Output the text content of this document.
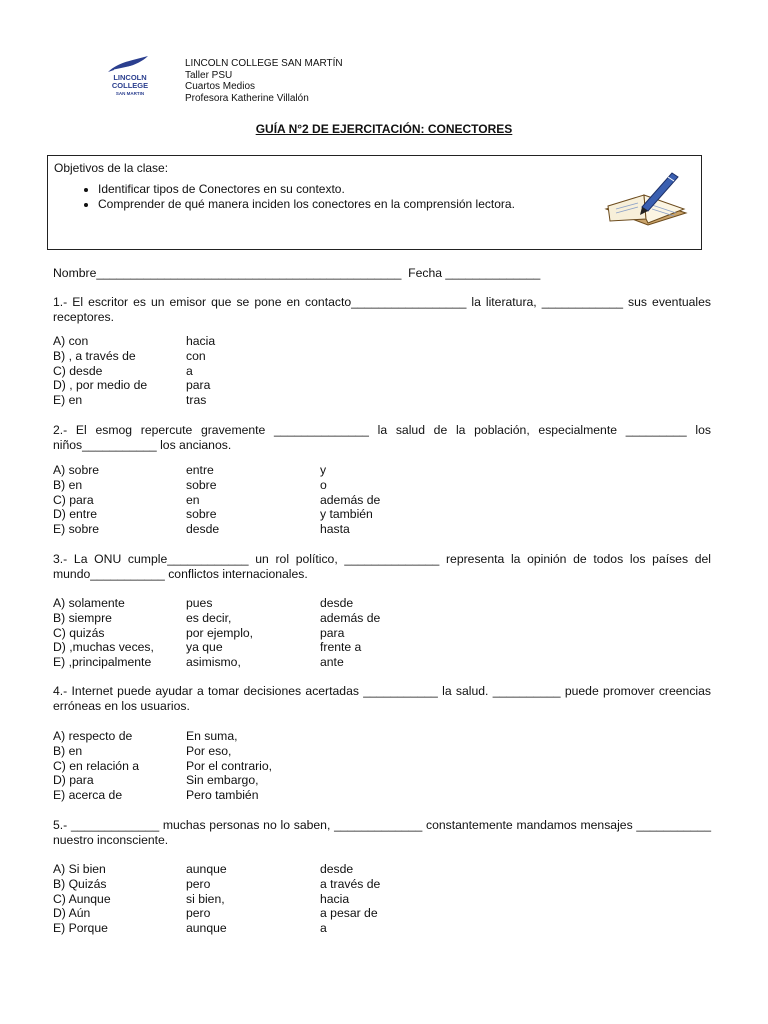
LINCOLN
COLLEGE
SAN MARTIN
LINCOLN COLLEGE SAN MARTÍN
Taller PSU
Cuartos Medios
Profesora Katherine Villalón
GUÍA N°2 DE EJERCITACIÓN: CONECTORES
Objetivos de la clase:
• Identificar tipos de Conectores en su contexto.
• Comprender de qué manera inciden los conectores en la comprensión lectora.
Nombre_____________________________________________  Fecha ______________
1.- El escritor es un emisor que se pone en contacto_________________ la literatura, ____________ sus eventuales receptores.
A) con	hacia
B) , a través de	con
C) desde	a
D) , por medio de	para
E) en	tras
2.- El esmog repercute gravemente ______________ la salud de la población, especialmente _________ los niños___________ los ancianos.
A) sobre	entre	y
B) en	sobre	o
C) para	en	además de
D) entre	sobre	y también
E) sobre	desde	hasta
3.- La ONU cumple____________ un rol político, ______________ representa la opinión de todos los países del mundo___________ conflictos internacionales.
A) solamente	pues	desde
B) siempre	es decir,	además de
C) quizás	por ejemplo,	para
D) ,muchas veces,	ya que	frente a
E) ,principalmente	asimismo,	ante
4.- Internet puede ayudar a tomar decisiones acertadas ___________ la salud. __________ puede promover creencias erróneas en los usuarios.
A) respecto de	En suma,
B) en	Por eso,
C) en relación a	Por el contrario,
D) para	Sin embargo,
E) acerca de	Pero también
5.- _____________ muchas personas no lo saben, _____________ constantemente mandamos mensajes ___________ nuestro inconsciente.
A) Si bien	aunque	desde
B) Quizás	pero	a través de
C) Aunque	si bien,	hacia
D) Aún	pero	a pesar de
E) Porque	aunque	a
